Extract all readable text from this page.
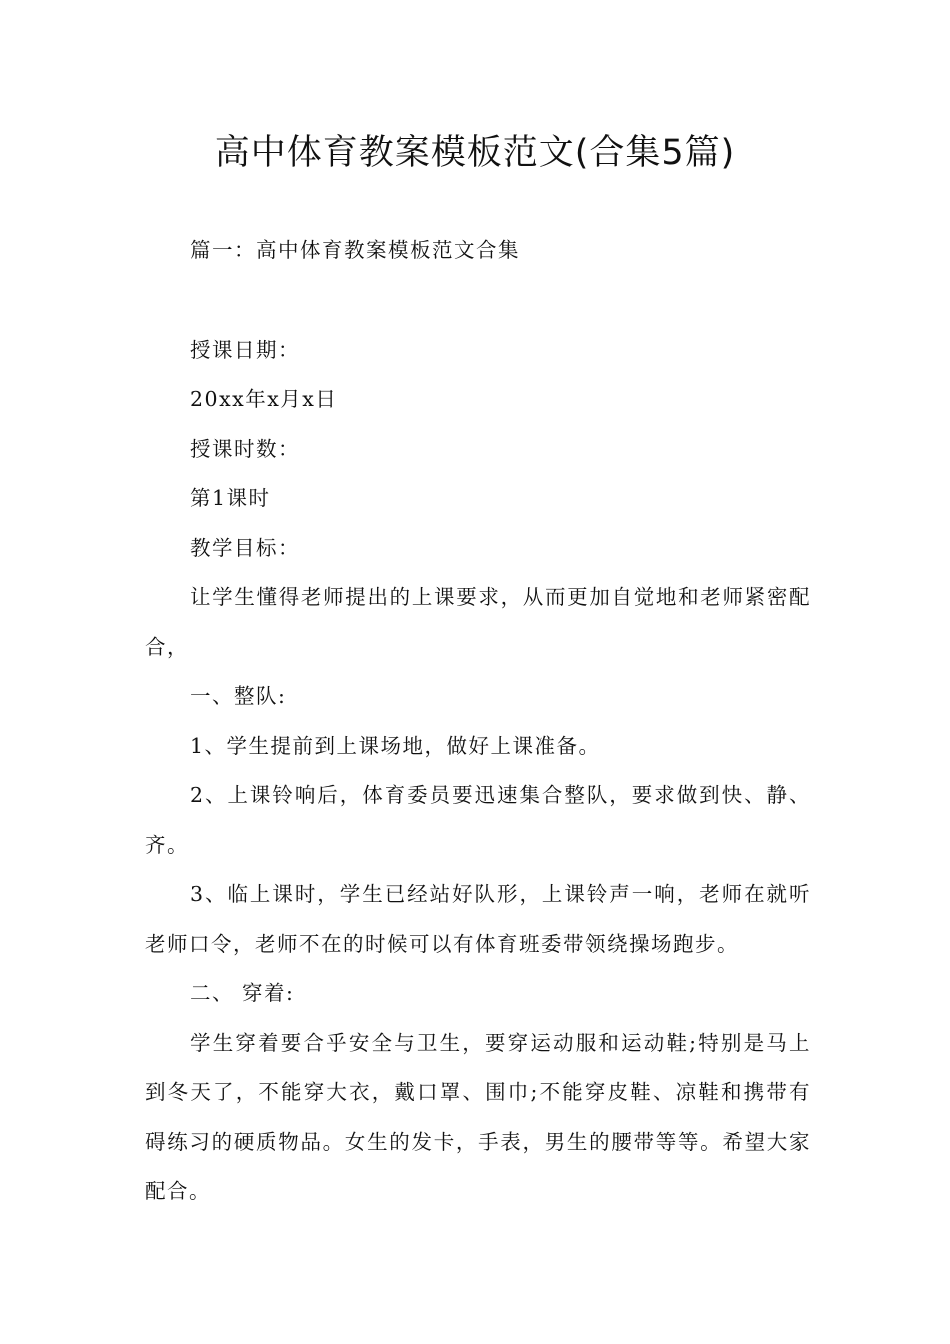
高中体育教案模板范文(合集5篇)

篇一：高中体育教案模板范文合集

授课日期：

20xx年x月x日

授课时数：

第1课时

教学目标：

让学生懂得老师提出的上课要求，从而更加自觉地和老师紧密配合，

一、整队:

1、学生提前到上课场地，做好上课准备。

2、上课铃响后，体育委员要迅速集合整队，要求做到快、静、齐。

3、临上课时，学生已经站好队形，上课铃声一响，老师在就听老师口令，老师不在的时候可以有体育班委带领绕操场跑步。

二、 穿着:

学生穿着要合乎安全与卫生，要穿运动服和运动鞋;特别是马上到冬天了，不能穿大衣，戴口罩、围巾;不能穿皮鞋、凉鞋和携带有碍练习的硬质物品。女生的发卡，手表，男生的腰带等等。希望大家配合。
